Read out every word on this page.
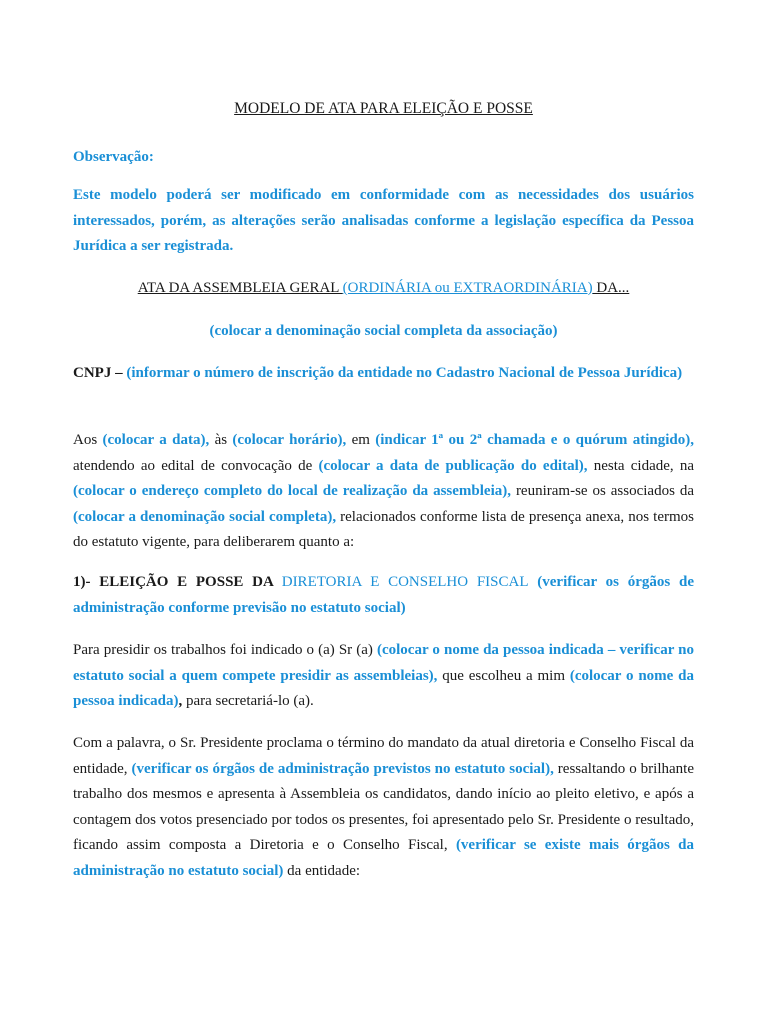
MODELO DE ATA PARA ELEIÇÃO E POSSE
Observação:
Este modelo poderá ser modificado em conformidade com as necessidades dos usuários interessados, porém, as alterações serão analisadas conforme a legislação específica da Pessoa Jurídica a ser registrada.
ATA DA ASSEMBLEIA GERAL (ORDINÁRIA ou EXTRAORDINÁRIA) DA...
(colocar a denominação social completa da associação)
CNPJ – (informar o número de inscrição da entidade no Cadastro Nacional de Pessoa Jurídica)
Aos (colocar a data), às (colocar horário), em (indicar 1ª ou 2ª chamada e o quórum atingido), atendendo ao edital de convocação de (colocar a data de publicação do edital), nesta cidade, na (colocar o endereço completo do local de realização da assembleia), reuniram-se os associados da (colocar a denominação social completa), relacionados conforme lista de presença anexa, nos termos do estatuto vigente, para deliberarem quanto a:
1)- ELEIÇÃO E POSSE DA DIRETORIA E CONSELHO FISCAL (verificar os órgãos de administração conforme previsão no estatuto social)
Para presidir os trabalhos foi indicado o (a) Sr (a) (colocar o nome da pessoa indicada – verificar no estatuto social a quem compete presidir as assembleias), que escolheu a mim (colocar o nome da pessoa indicada), para secretariá-lo (a).
Com a palavra, o Sr. Presidente proclama o término do mandato da atual diretoria e Conselho Fiscal da entidade, (verificar os órgãos de administração previstos no estatuto social), ressaltando o brilhante trabalho dos mesmos e apresenta à Assembleia os candidatos, dando início ao pleito eletivo, e após a contagem dos votos presenciado por todos os presentes, foi apresentado pelo Sr. Presidente o resultado, ficando assim composta a Diretoria e o Conselho Fiscal, (verificar se existe mais órgãos da administração no estatuto social) da entidade:
